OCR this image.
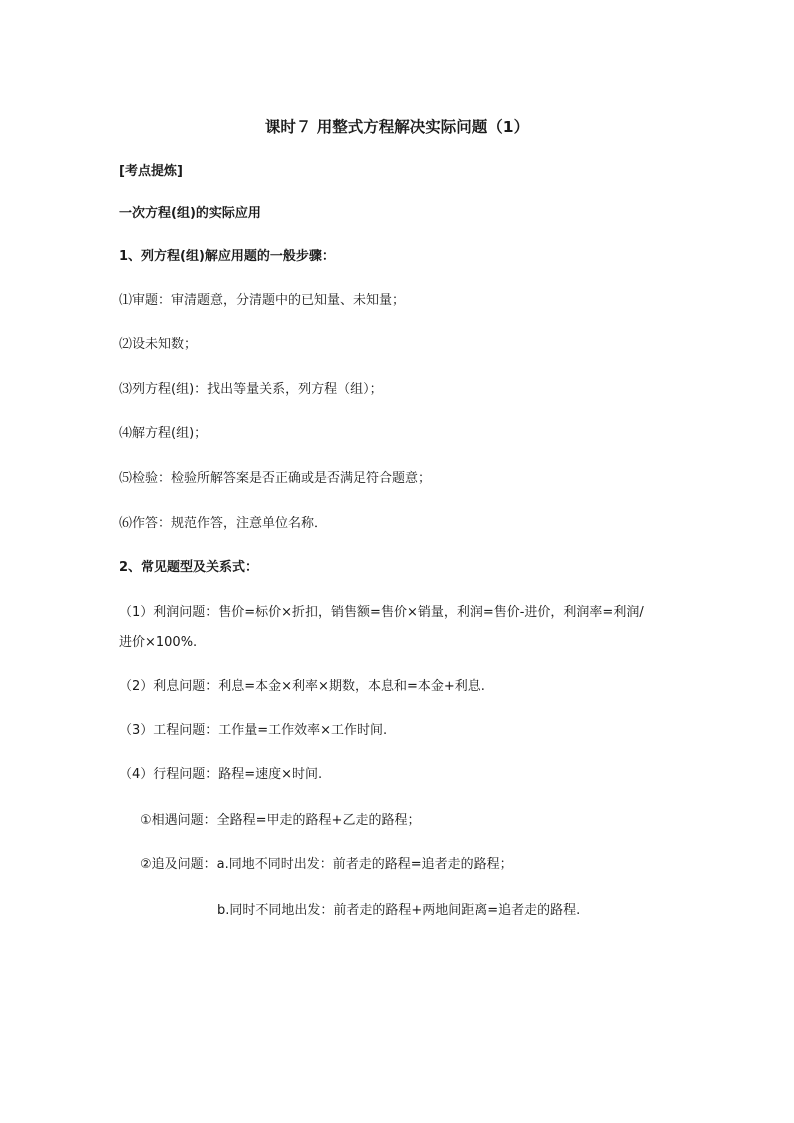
课时７ 用整式方程解决实际问题（1）
[考点提炼]
一次方程(组)的实际应用
1、列方程(组)解应用题的一般步骤：
⑴审题：审清题意，分清题中的已知量、未知量；
⑵设未知数；
⑶列方程(组)：找出等量关系，列方程（组）；
⑷解方程(组)；
⑸检验：检验所解答案是否正确或是否满足符合题意；
⑹作答：规范作答，注意单位名称．
2、常见题型及关系式：
（1）利润问题：售价=标价×折扣，销售额=售价×销量，利润=售价-进价，利润率=利润/
进价×100%.
（2）利息问题：利息=本金×利率×期数，本息和=本金+利息.
（3）工程问题：工作量=工作效率×工作时间.
（4）行程问题：路程=速度×时间.
①相遇问题：全路程=甲走的路程+乙走的路程；
②追及问题：a.同地不同时出发：前者走的路程=追者走的路程；
b.同时不同地出发：前者走的路程+两地间距离=追者走的路程.
